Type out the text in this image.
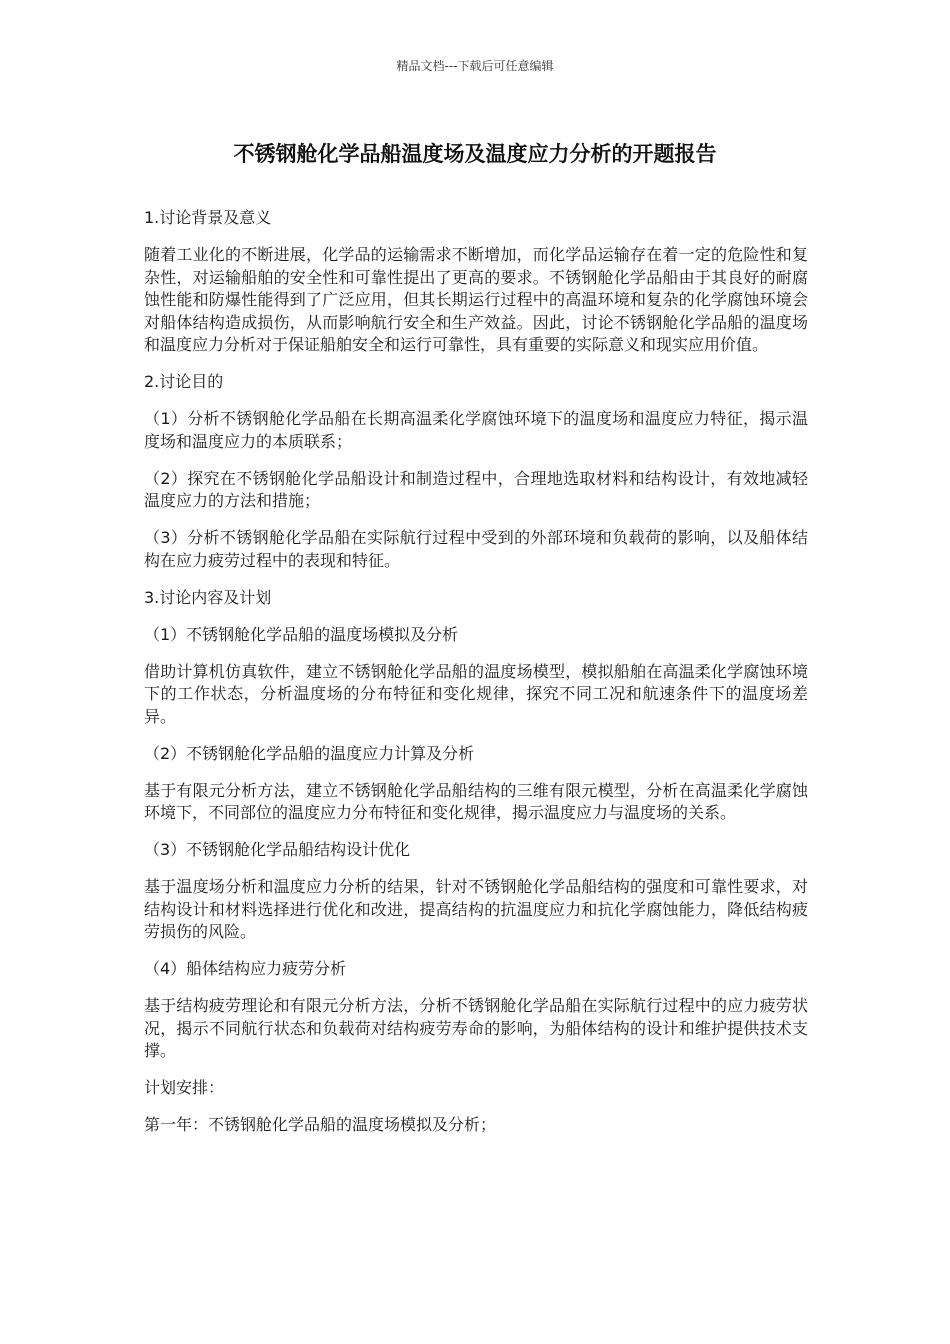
精品文档---下载后可任意编辑
不锈钢舱化学品船温度场及温度应力分析的开题报告

1.讨论背景及意义

随着工业化的不断进展，化学品的运输需求不断增加，而化学品运输存在着一定的危险性和复杂性，对运输船舶的安全性和可靠性提出了更高的要求。不锈钢舱化学品船由于其良好的耐腐蚀性能和防爆性能得到了广泛应用，但其长期运行过程中的高温环境和复杂的化学腐蚀环境会对船体结构造成损伤，从而影响航行安全和生产效益。因此，讨论不锈钢舱化学品船的温度场和温度应力分析对于保证船舶安全和运行可靠性，具有重要的实际意义和现实应用价值。

2.讨论目的

（1）分析不锈钢舱化学品船在长期高温柔化学腐蚀环境下的温度场和温度应力特征，揭示温度场和温度应力的本质联系；

（2）探究在不锈钢舱化学品船设计和制造过程中，合理地选取材料和结构设计，有效地减轻温度应力的方法和措施；

（3）分析不锈钢舱化学品船在实际航行过程中受到的外部环境和负载荷的影响，以及船体结构在应力疲劳过程中的表现和特征。

3.讨论内容及计划

（1）不锈钢舱化学品船的温度场模拟及分析

借助计算机仿真软件，建立不锈钢舱化学品船的温度场模型，模拟船舶在高温柔化学腐蚀环境下的工作状态，分析温度场的分布特征和变化规律，探究不同工况和航速条件下的温度场差异。

（2）不锈钢舱化学品船的温度应力计算及分析

基于有限元分析方法，建立不锈钢舱化学品船结构的三维有限元模型，分析在高温柔化学腐蚀环境下，不同部位的温度应力分布特征和变化规律，揭示温度应力与温度场的关系。

（3）不锈钢舱化学品船结构设计优化

基于温度场分析和温度应力分析的结果，针对不锈钢舱化学品船结构的强度和可靠性要求，对结构设计和材料选择进行优化和改进，提高结构的抗温度应力和抗化学腐蚀能力，降低结构疲劳损伤的风险。

（4）船体结构应力疲劳分析

基于结构疲劳理论和有限元分析方法，分析不锈钢舱化学品船在实际航行过程中的应力疲劳状况，揭示不同航行状态和负载荷对结构疲劳寿命的影响，为船体结构的设计和维护提供技术支撑。

计划安排：

第一年：不锈钢舱化学品船的温度场模拟及分析；
